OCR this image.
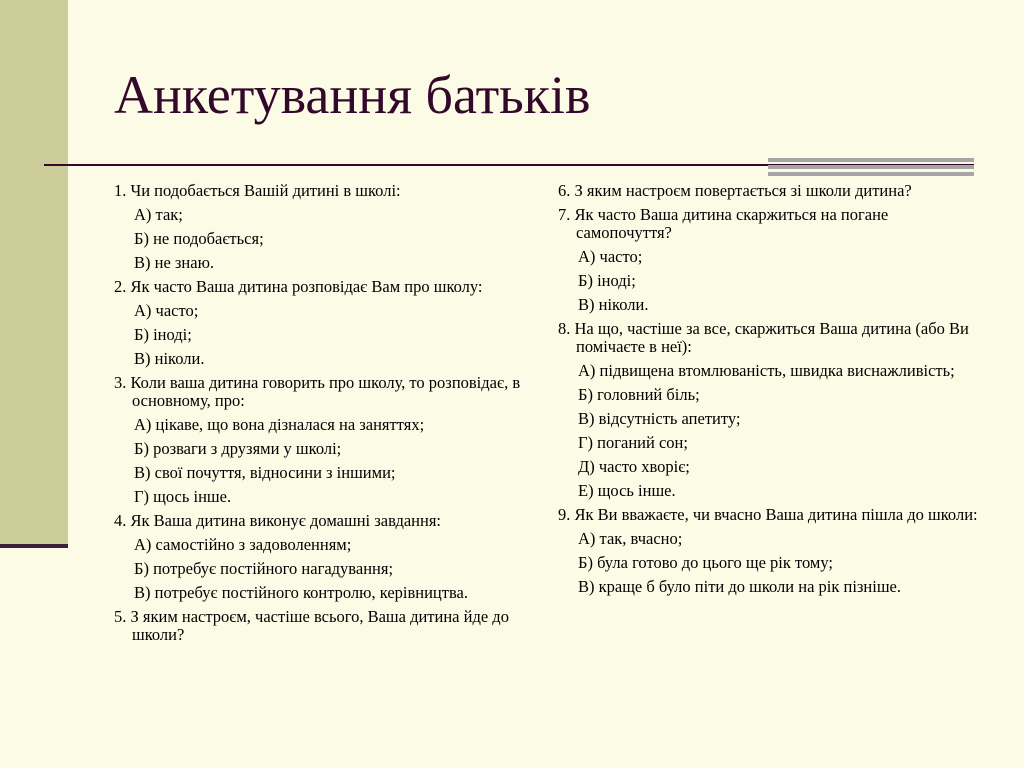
Анкетування батьків

1. Чи подобається Вашій дитині в школі:

А) так;

Б) не подобається;

В) не знаю.

2. Як часто Ваша дитина розповідає Вам про школу:

А) часто;

Б) іноді;

В) ніколи.

3. Коли ваша дитина говорить про школу, то розповідає, в основному, про:

А) цікаве, що вона дізналася на заняттях;

Б) розваги з друзями у школі;

В) свої почуття, відносини з іншими;

Г) щось інше.

4. Як Ваша дитина виконує домашні завдання:

А) самостійно з задоволенням;

Б) потребує постійного нагадування;

В) потребує постійного контролю, керівництва.

5. З яким настроєм, частіше всього, Ваша дитина йде до школи?

6. З яким настроєм повертається зі школи дитина?

7. Як часто Ваша дитина скаржиться на погане самопочуття?

А) часто;

Б) іноді;

В) ніколи.

8. На що, частіше за все, скаржиться Ваша дитина (або Ви помічаєте в неї):

А) підвищена втомлюваність, швидка виснажливість;

Б) головний біль;

В) відсутність апетиту;

Г) поганий сон;

Д) часто хворіє;

Е) щось інше.

9. Як Ви вважаєте, чи вчасно Ваша дитина пішла до школи:

А) так, вчасно;

Б) була готово до цього ще рік тому;

В) краще б було піти до школи на рік пізніше.
